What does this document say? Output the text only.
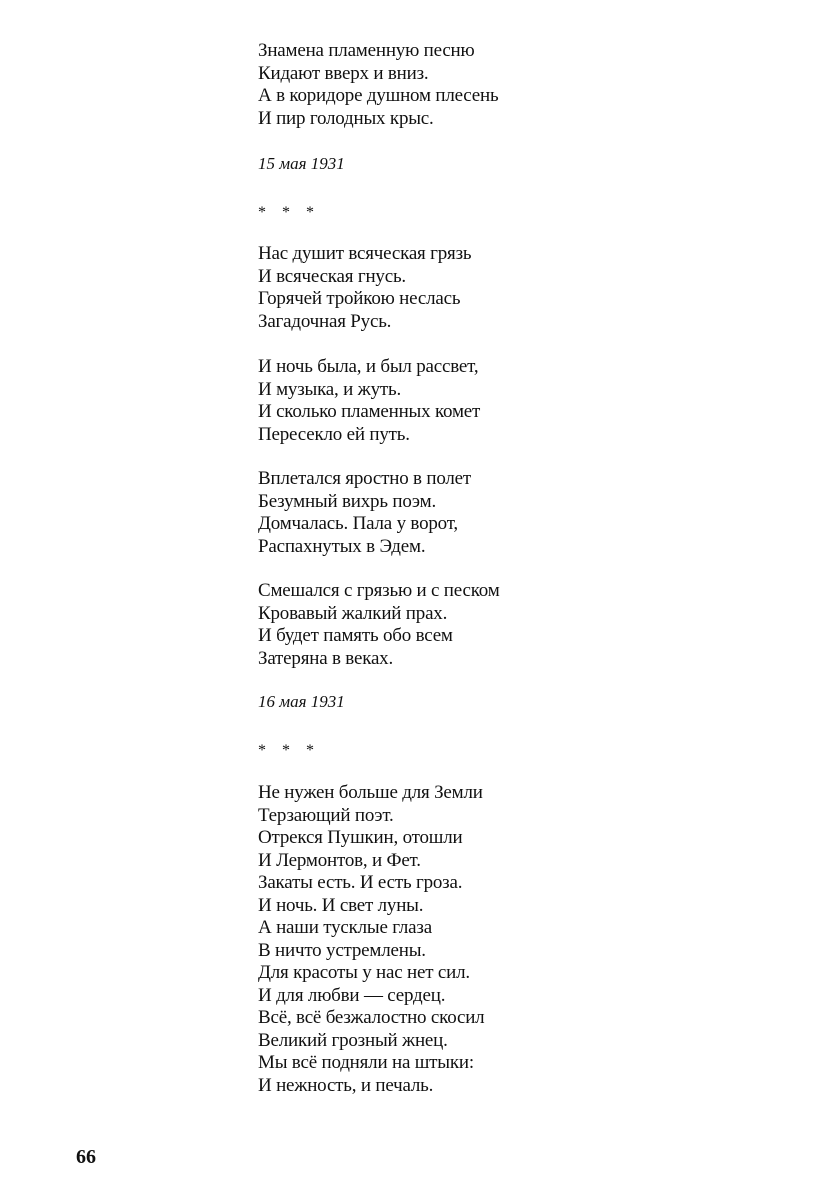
Знамена пламенную песню
Кидают вверх и вниз.
А в коридоре душном плесень
И пир голодных крыс.
15 мая 1931
* * *
Нас душит всяческая грязь
И всяческая гнусь.
Горячей тройкою неслась
Загадочная Русь.
И ночь была, и был рассвет,
И музыка, и жуть.
И сколько пламенных комет
Пересекло ей путь.
Вплетался яростно в полет
Безумный вихрь поэм.
Домчалась. Пала у ворот,
Распахнутых в Эдем.
Смешался с грязью и с песком
Кровавый жалкий прах.
И будет память обо всем
Затеряна в веках.
16 мая 1931
* * *
Не нужен больше для Земли
Терзающий поэт.
Отрекся Пушкин, отошли
И Лермонтов, и Фет.
Закаты есть. И есть гроза.
И ночь. И свет луны.
А наши тусклые глаза
В ничто устремлены.
Для красоты у нас нет сил.
И для любви — сердец.
Всё, всё безжалостно скосил
Великий грозный жнец.
Мы всё подняли на штыки:
И нежность, и печаль.
66
